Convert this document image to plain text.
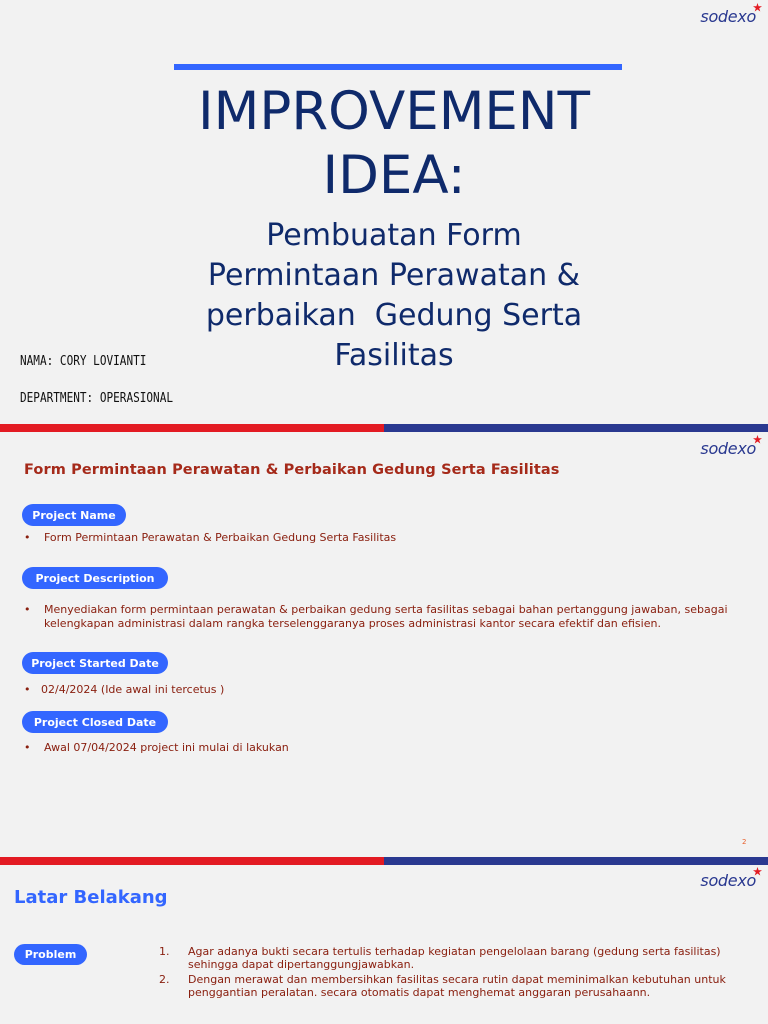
sodexo
IMPROVEMENT
IDEA:
Pembuatan Form
Permintaan Perawatan &
perbaikan  Gedung Serta
Fasilitas
NAMA: CORY LOVIANTI
DEPARTMENT: OPERASIONAL
sodexo
Form Permintaan Perawatan & Perbaikan Gedung Serta Fasilitas
Project Name
•	Form Permintaan Perawatan & Perbaikan Gedung Serta Fasilitas
Project Description
•	Menyediakan form permintaan perawatan & perbaikan gedung serta fasilitas sebagai bahan pertanggung jawaban, sebagai kelengkapan administrasi dalam rangka terselenggaranya proses administrasi kantor secara efektif dan efisien.
Project Started Date
• 02/4/2024 (Ide awal ini tercetus )
Project Closed Date
•	Awal 07/04/2024 project ini mulai di lakukan
2
sodexo
Latar Belakang
Problem	1.	Agar adanya bukti secara tertulis terhadap kegiatan pengelolaan barang (gedung serta fasilitas) sehingga dapat dipertanggungjawabkan.
2.	Dengan merawat dan membersihkan fasilitas secara rutin dapat meminimalkan kebutuhan untuk penggantian peralatan. secara otomatis dapat menghemat anggaran perusahaann.
